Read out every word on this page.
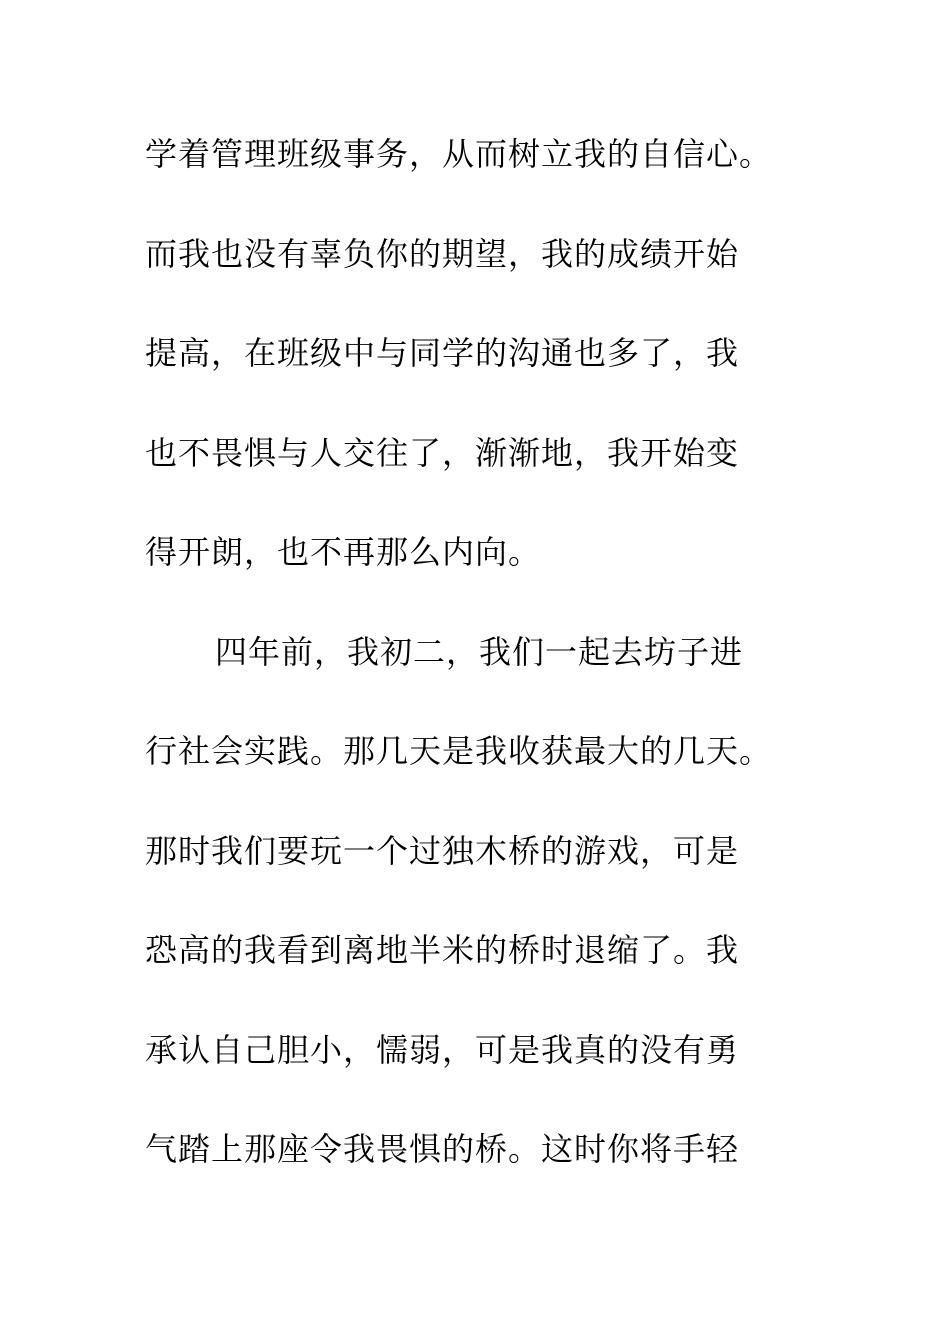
学着管理班级事务，从而树立我的自信心。
而我也没有辜负你的期望，我的成绩开始
提高，在班级中与同学的沟通也多了，我
也不畏惧与人交往了，渐渐地，我开始变
得开朗，也不再那么内向。
四年前，我初二，我们一起去坊子进
行社会实践。那几天是我收获最大的几天。
那时我们要玩一个过独木桥的游戏，可是
恐高的我看到离地半米的桥时退缩了。我
承认自己胆小，懦弱，可是我真的没有勇
气踏上那座令我畏惧的桥。这时你将手轻
